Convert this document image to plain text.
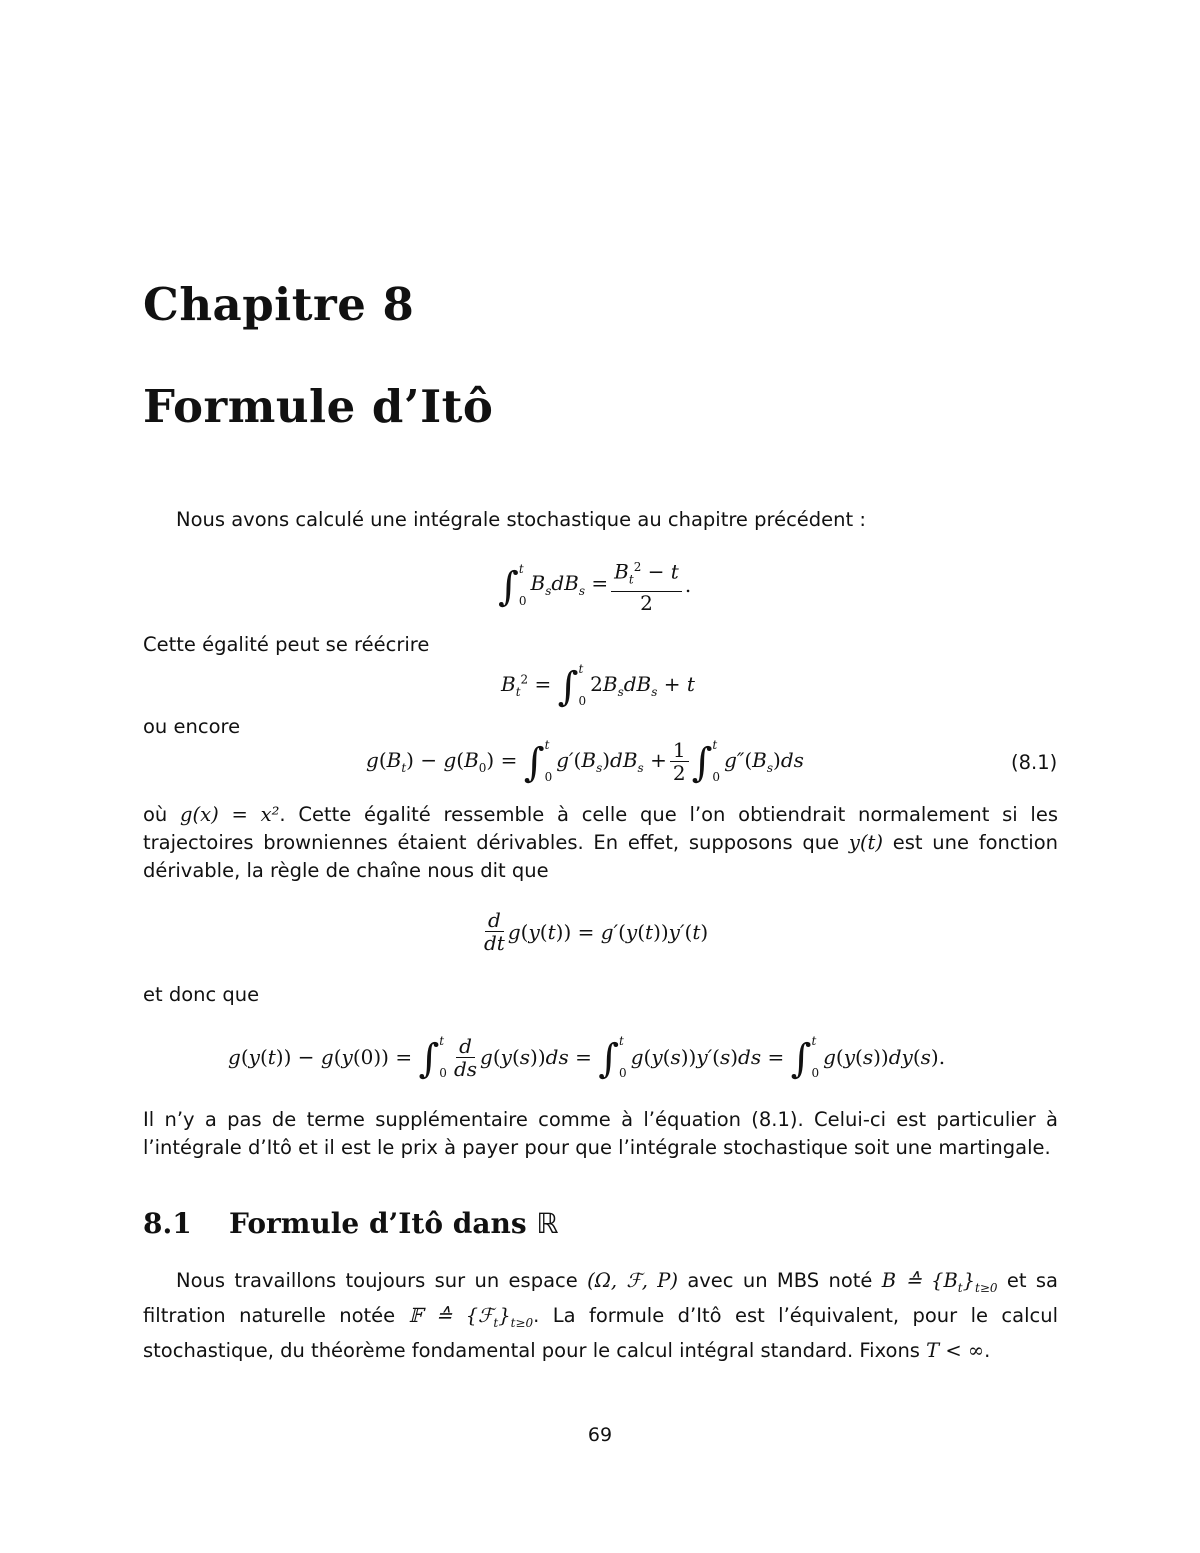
Chapitre 8
Formule d’Itô
Nous avons calculé une intégrale stochastique au chapitre précédent :
∫ t
0
$B_sdB_s = \frac{B_t^2 - t}{2}$ .
Cette égalité peut se réécrire
$B_t^2$ = ∫ t
0
$2B_sdB_s + t$
ou encore
$g(B_t) - g(B_0)$ = ∫ t
0
$g'(B_s)dB_s + \frac{1}{2}$ ∫ t
0
$g''(B_s)ds$	(8.1)
où g(x) = x². Cette égalité ressemble à celle que l’on obtiendrait normalement si les trajectoires browniennes étaient dérivables. En effet, supposons que y(t) est une fonction dérivable, la règle de chaîne nous dit que
$\frac{d}{dt} g(y(t)) = g'(y(t))y'(t)$
et donc que
g(y(t)) − g(y(0)) = ∫ t
$0 \frac{d}{ds} g(y(s))ds$ = ∫ t
0
g(y(s))y′(s)ds = ∫ t
0
g(y(s))dy(s).
Il n’y a pas de terme supplémentaire comme à l’équation (8.1). Celui-ci est particulier à l’intégrale d’Itô et il est le prix à payer pour que l’intégrale stochastique soit une martingale.
8.1 Formule d’Itô dans ℝ
Nous travaillons toujours sur un espace (Ω, ℱ, P) avec un MBS noté B ≙ $\{B_t\}_{t\ge 0}$ et sa filtration naturelle notée 𝔽 ≙ $\{ℱ_t\}_{t\ge 0}$. La formule d’Itô est l’équivalent, pour le calcul stochastique, du théorème fondamental pour le calcul intégral standard. Fixons T < ∞.
69
